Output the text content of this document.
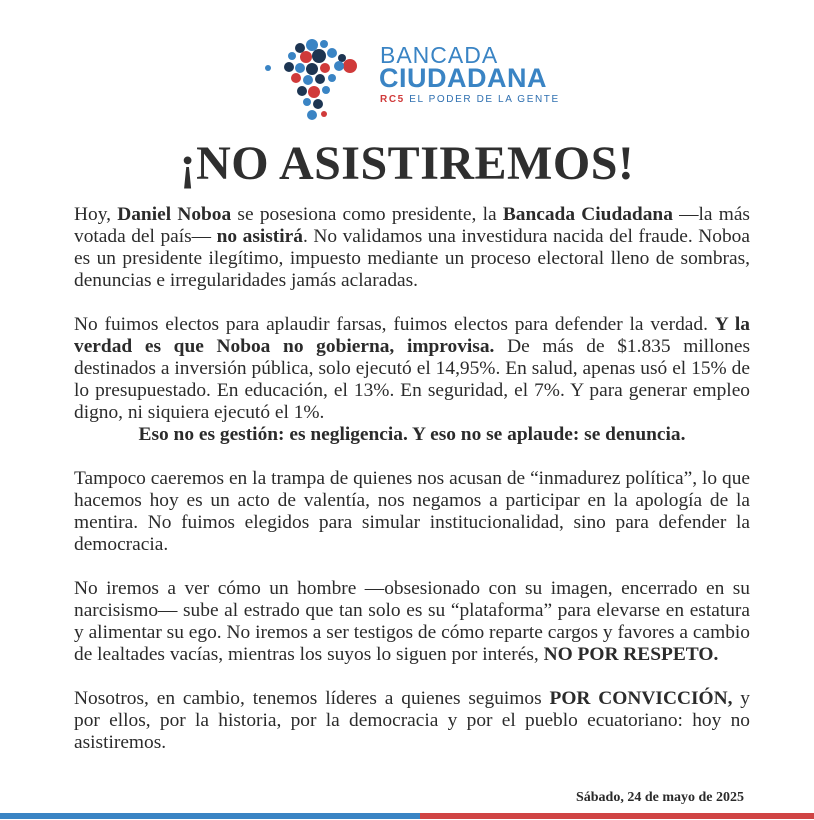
BANCADA
CIUDADANA
RC5 EL PODER DE LA GENTE
¡NO ASISTIREMOS!

Hoy, Daniel Noboa se posesiona como presidente, la Bancada Ciudadana —la más votada del país— no asistirá. No validamos una investidura nacida del fraude. Noboa es un presidente ilegítimo, impuesto mediante un proceso electoral lleno de sombras, denuncias e irregularidades jamás aclaradas.

No fuimos electos para aplaudir farsas, fuimos electos para defender la verdad. Y la verdad es que Noboa no gobierna, improvisa. De más de $1.835 millones destinados a inversión pública, solo ejecutó el 14,95%. En salud, apenas usó el 15% de lo presupuestado. En educación, el 13%. En seguridad, el 7%. Y para generar empleo digno, ni siquiera ejecutó el 1%.
Eso no es gestión: es negligencia. Y eso no se aplaude: se denuncia.

Tampoco caeremos en la trampa de quienes nos acusan de “inmadurez política”, lo que hacemos hoy es un acto de valentía, nos negamos a participar en la apología de la mentira. No fuimos elegidos para simular institucionalidad, sino para defender la democracia.

No iremos a ver cómo un hombre —obsesionado con su imagen, encerrado en su narcisismo— sube al estrado que tan solo es su “plataforma” para elevarse en estatura y alimentar su ego. No iremos a ser testigos de cómo reparte cargos y favores a cambio de lealtades vacías, mientras los suyos lo siguen por interés, NO POR RESPETO.

Nosotros, en cambio, tenemos líderes a quienes seguimos POR CONVICCIÓN, y por ellos, por la historia, por la democracia y por el pueblo ecuatoriano: hoy no asistiremos.

Sábado, 24 de mayo de 2025
